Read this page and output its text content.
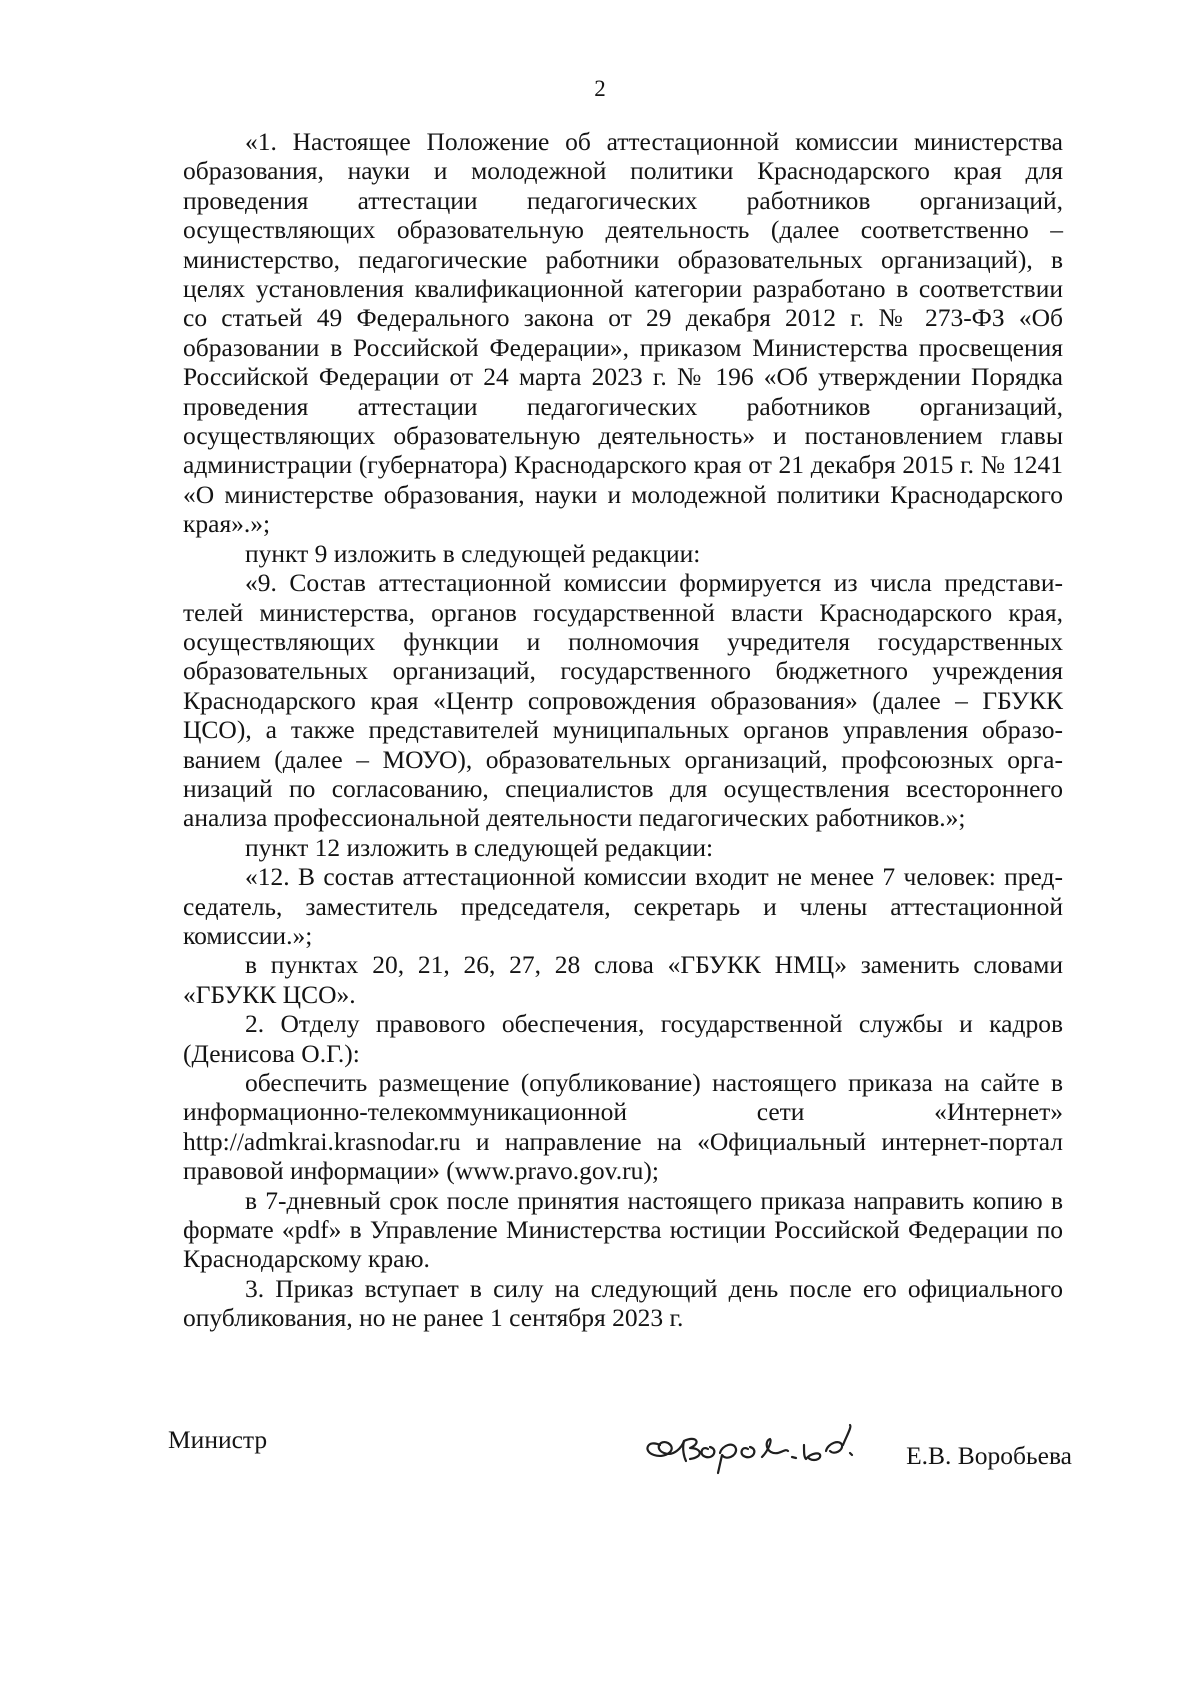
2

«1. Настоящее Положение об аттестационной комиссии министерства образования, науки и молодежной политики Краснодарского края для проведения аттестации педагогических работников организаций, осуществляющих образовательную деятельность (далее соответственно – министерство, педагогические работники образовательных организаций), в целях установления квалификационной категории разработано в соответствии со статьей 49 Федерального закона от 29 декабря 2012 г. № 273-ФЗ «Об образовании в Российской Федерации», приказом Министерства просвещения Российской Федерации от 24 марта 2023 г. № 196 «Об утверждении Порядка проведения аттестации педагогических работников организаций, осуществляющих образовательную деятельность» и постановлением главы администрации (губернатора) Краснодарского края от 21 декабря 2015 г. № 1241 «О министерстве образования, науки и молодежной политики Краснодарского края».»;

пункт 9 изложить в следующей редакции:

«9. Состав аттестационной комиссии формируется из числа представителей министерства, органов государственной власти Краснодарского края, осуществляющих функции и полномочия учредителя государственных образовательных организаций, государственного бюджетного учреждения Краснодарского края «Центр сопровождения образования» (далее – ГБУКК ЦСО), а также представителей муниципальных органов управления образованием (далее – МОУО), образовательных организаций, профсоюзных организаций по согласованию, специалистов для осуществления всестороннего анализа профессиональной деятельности педагогических работников.»;

пункт 12 изложить в следующей редакции:

«12. В состав аттестационной комиссии входит не менее 7 человек: председатель, заместитель председателя, секретарь и члены аттестационной комиссии.»;

в пунктах 20, 21, 26, 27, 28 слова «ГБУКК НМЦ» заменить словами «ГБУКК ЦСО».

2. Отделу правового обеспечения, государственной службы и кадров (Денисова О.Г.):

обеспечить размещение (опубликование) настоящего приказа на сайте в информационно-телекоммуникационной сети «Интернет» http://admkrai.krasnodar.ru и направление на «Официальный интернет-портал правовой информации» (www.pravo.gov.ru);

в 7-дневный срок после принятия настоящего приказа направить копию в формате «pdf» в Управление Министерства юстиции Российской Федерации по Краснодарскому краю.

3. Приказ вступает в силу на следующий день после его официального опубликования, но не ранее 1 сентября 2023 г.

Министр
Е.В. Воробьева
